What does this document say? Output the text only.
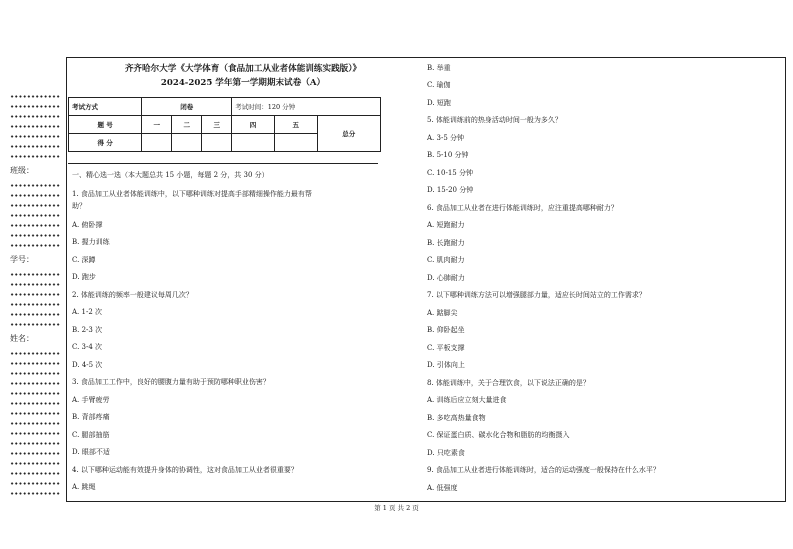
班级：
学号：
姓名：
齐齐哈尔大学《大学体育（食品加工从业者体能训练实践版）》
2024-2025 学年第一学期期末试卷（A）
考试方式	闭卷			考试时间：120 分钟		
题 号	一	二	三	四	五	总分
得 分						
一、精心选一选（本大题总共 15 小题，每题 2 分，共 30 分）
1. 食品加工从业者体能训练中，以下哪种训练对提高手部精细操作能力最有帮
助？
A. 俯卧撑
B. 握力训练
C. 深蹲
D. 跑步
2. 体能训练的频率一般建议每周几次？
A. 1-2 次
B. 2-3 次
C. 3-4 次
D. 4-5 次
3. 食品加工工作中，良好的腰腹力量有助于预防哪种职业伤害？
A. 手臂疲劳
B. 背部疼痛
C. 腿部抽筋
D. 眼部不适
4. 以下哪种运动能有效提升身体的协调性，这对食品加工从业者很重要？
A. 跳绳
B. 举重
C. 瑜伽
D. 短跑
5. 体能训练前的热身活动时间一般为多久？
A. 3-5 分钟
B. 5-10 分钟
C. 10-15 分钟
D. 15-20 分钟
6. 食品加工从业者在进行体能训练时，应注重提高哪种耐力？
A. 短跑耐力
B. 长跑耐力
C. 肌肉耐力
D. 心肺耐力
7. 以下哪种训练方法可以增强腿部力量，适应长时间站立的工作需求？
A. 踮脚尖
B. 仰卧起坐
C. 平板支撑
D. 引体向上
8. 体能训练中，关于合理饮食，以下说法正确的是？
A. 训练后应立刻大量进食
B. 多吃高热量食物
C. 保证蛋白质、碳水化合物和脂肪的均衡摄入
D. 只吃素食
9. 食品加工从业者进行体能训练时，适合的运动强度一般保持在什么水平？
A. 低强度
第 1 页 共 2 页
